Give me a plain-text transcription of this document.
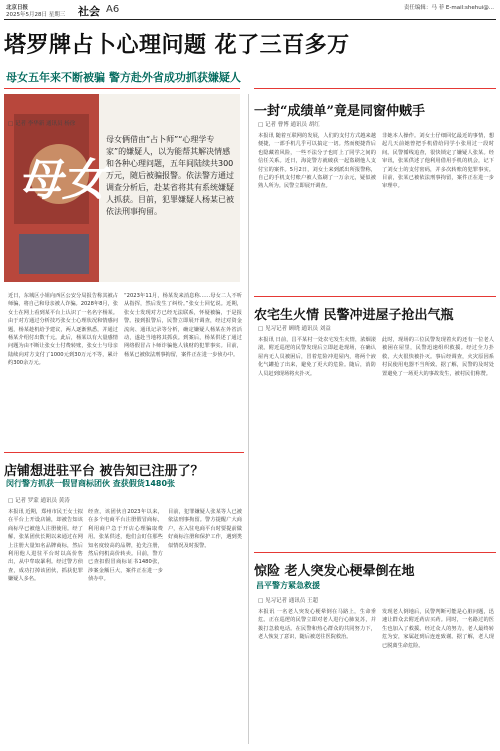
北京日报
2025年5月28日 星期三 社会 A6	责任编辑：马 菲 E-mail:shehui@...
塔罗牌占卜心理问题 花了三百多万
母女五年来不断被骗 警方赴外省成功抓获嫌疑人
母女
□ 记者 李华新 通讯员 杨徐
母女俩借由“占卜师”“心理学专家”的嫌疑人，以为能帮其解决情感和各种心理问题，五年间陆续共300万元，随后被骗报警。依法警方通过调查分析后，赴某省将其有系统嫌疑人抓获。目前，犯罪嫌疑人杨某已被依法刑事拘留。
近日，东城区小姐向西区公安分局报告称其被占师骗，将自己和母亲被人诈骗。2028年8月，张女士在网上看到某平台上认识了一名名字杨某。由于对方通过分析技巧张女士心理状况和情感问题，杨某趁机给予建议，两人逐渐熟悉，并通过杨某介绍付出数千元。此后，杨某以有大量感情问题为由不断让张女士付费转账，张女士与母亲陆续向对方支付了1000元到30万元不等，累计约300余万元。
“2023年11月，杨某发来消息称……母女二人不听从指挥，然后发生了纠纷。”张女士回忆说。近期，张女士发现对方已经无法联系，怀疑被骗，于是报警。接到报警后，民警立即展开调查，经过对资金流向、通讯记录等分析，确定嫌疑人杨某在外省活动，遂赴当地将其抓获。到案后，杨某供述了通过网络假冒占卜师诈骗他人钱财的犯罪事实。目前，杨某已被依法刑事拘留，案件正在进一步侦办中。
店铺想进驻平台 被告知已注册了？
闵行警方抓获一假冒商标团伙 查获假货1480张
□ 记者 罗蒙 通讯员 黄涛
本报讯 近期，郑州市民王女士拟在平台上开设店铺，却被告知该商标早已被他人注册使用。经了解，张某团伙长期以来通过在网上注册大量知名品牌商标，然后利用他人进驻平台时以高价售出，从中牟取暴利。经过警方侦查，成功打掉该团伙，抓获犯罪嫌疑人多名。
经查，该团伙自2023年以来，在多个电商平台注册假冒商标，利用商户急于开店心理骗取费用。张某供述，他们会盯住那些知名度较高的品牌，抢先注册，然后伺机高价转卖。目前，警方已查扣假冒商标证书1480张，涉案金额巨大，案件正在进一步侦办中。
目前，犯罪嫌疑人张某等人已被依法刑事拘留。警方提醒广大商户，在入驻电商平台时要提前做好商标注册和保护工作，遇到类似情况及时报警。
一封“成绩单”竟是同窗仲贼手
□ 记者 曹博 通讯员 胡红
本报讯 随着互联网的发展，人们的支付方式越来越便捷，一部手机几乎可以搞定一切。然而便捷背后也隐藏着风险，一些不法分子也盯上了同学之间的信任关系。近日，海淀警方就破获一起盗刷他人支付宝的案件。5月2日，刘女士来到派出所报警称，自己的手机支付账户被人盗刷了一万余元，疑似被熟人所为。民警立即展开调查。
非她本人操作。刘女士仔细回忆最近的事情，想起几天前她曾把手机借给同学小张用过一段时间。民警循线追查，很快锁定了嫌疑人张某。经审讯，张某供述了他利用借用手机的机会，记下了刘女士的支付密码，并多次转账的犯罪事实。目前，张某已被依法刑事拘留，案件正在进一步审理中。
农宅生火情 民警冲进屋子抢出气瓶
□ 见习记者 顾晓 通讯员 刘益
本报讯 日前，昌平某村一处农宅发生火情，浓烟滚滚。附近巡逻的民警发现后立即赶赴现场，在确认屋内无人员被困后，冒着危险冲进屋内，将两个液化气罐抢了出来，避免了更大的危险。随后，消防人员赶到现场将火扑灭。
此时，现场的三位民警发现着火的还有一位老人被困在屋里，民警迅速组织救援。经过全力扑救，大火很快被扑灭。事后经调查，火灾原因系村民使用电器不当所致。据了解，民警的及时处置避免了一场更大的事故发生，被村民们称赞。
惊险 老人突发心梗晕倒在地
昌平警方紧急救援
□ 见习记者 通讯员 王超
本报讯 一名老人突发心梗晕倒在马路上，生命垂危。正在巡逻的民警立即对老人进行心肺复苏，并拨打急救电话。在民警和热心群众的共同努力下，老人恢复了意识，随后被送往医院救治。
发现老人倒地后，民警判断可能是心脏问题，迅速让群众去附近药店买药。同时，一名路过的医生也加入了救援。经过众人的努力，老人最终转危为安，家属赶到后连连致谢。据了解，老人现已脱离生命危险。
